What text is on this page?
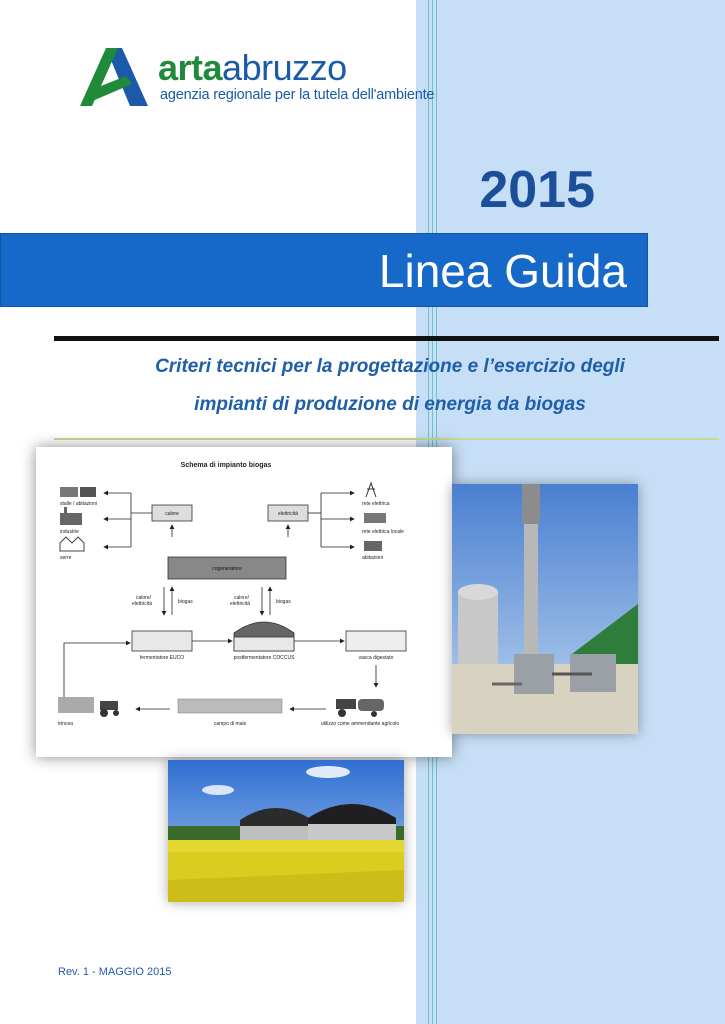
artaabruzzo
agenzia regionale per la tutela dell'ambiente
2015
Linea Guida
Criteri tecnici per la progettazione e l’esercizio degli
impianti di produzione di energia da biogas
Schema di impianto biogas
stalle / abitazioni
industrie
serre
calore	elettricità
rete elettrica
rete elettrica locale
abitazioni
cogeneratore
calore/
elettricità	biogas
calore/
elettricità	biogas
fermentatore EUCO	postfermentatore COCCUS	vasca digestato
trincea	campo di mais	utilizzo come ammendante agricolo
Rev. 1 - MAGGIO 2015
